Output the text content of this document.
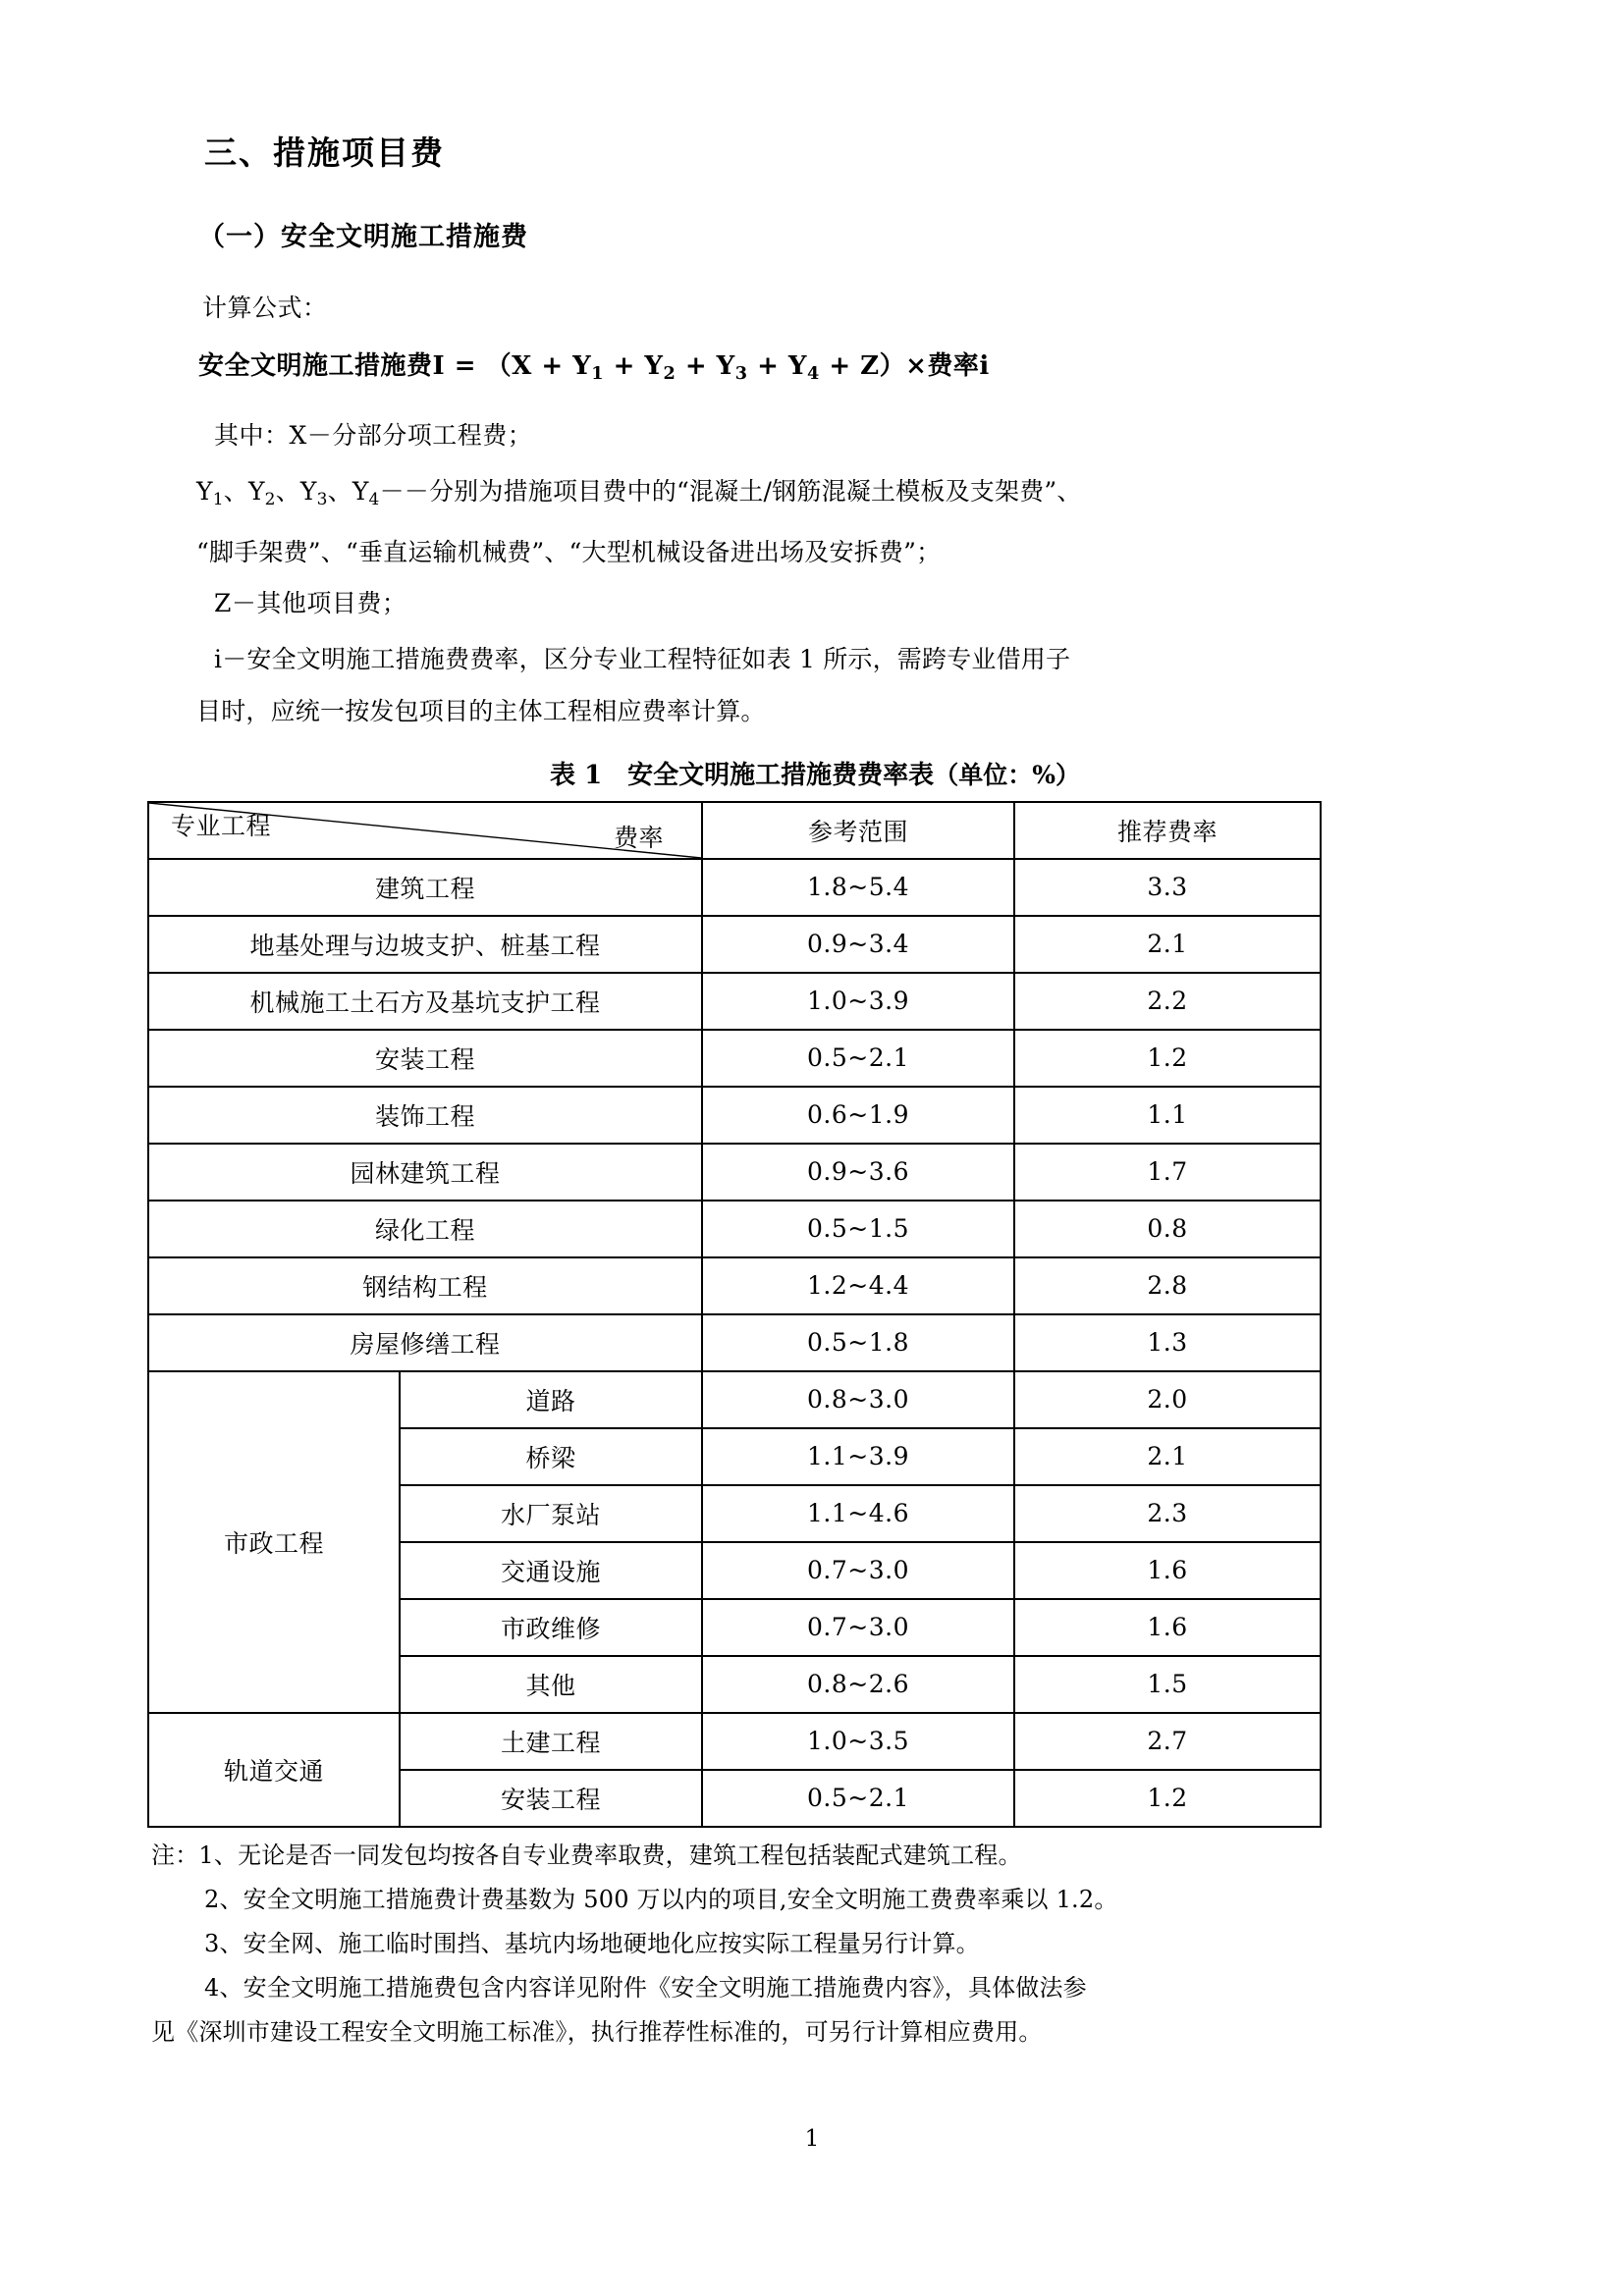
三、措施项目费
（一）安全文明施工措施费

计算公式：

安全文明施工措施费$I = (X + Y_1 + Y_2 + Y_3 + Y_4 + Z)\times$费率i

其中：X－分部分项工程费；

$Y_1$、$Y_2$、$Y_3$、$Y_4--$分别为措施项目费中的“混凝土/钢筋混凝土模板及支架费”、

“脚手架费”、“垂直运输机械费”、“大型机械设备进出场及安拆费”；

Z－其他项目费；

i－安全文明施工措施费费率，区分专业工程特征如表 1 所示，需跨专业借用子

目时，应统一按发包项目的主体工程相应费率计算。

表 1　安全文明施工措施费费率表（单位：%）
专业工程 费率		参考范围	推荐费率
建筑工程		1.8~5.4	3.3
地基处理与边坡支护、桩基工程		0.9~3.4	2.1
机械施工土石方及基坑支护工程		1.0~3.9	2.2
安装工程		0.5~2.1	1.2
装饰工程		0.6~1.9	1.1
园林建筑工程		0.9~3.6	1.7
绿化工程		0.5~1.5	0.8
钢结构工程		1.2~4.4	2.8
房屋修缮工程		0.5~1.8	1.3
市政工程	道路	0.8~3.0	2.0
	桥梁	1.1~3.9	2.1
	水厂泵站	1.1~4.6	2.3
	交通设施	0.7~3.0	1.6
	市政维修	0.7~3.0	1.6
	其他	0.8~2.6	1.5
轨道交通	土建工程	1.0~3.5	2.7
	安装工程	0.5~2.1	1.2

注：1、无论是否一同发包均按各自专业费率取费，建筑工程包括装配式建筑工程。

2、安全文明施工措施费计费基数为 500 万以内的项目,安全文明施工费费率乘以 1.2。

3、安全网、施工临时围挡、基坑内场地硬地化应按实际工程量另行计算。

4、安全文明施工措施费包含内容详见附件《安全文明施工措施费内容》，具体做法参

见《深圳市建设工程安全文明施工标准》，执行推荐性标准的，可另行计算相应费用。

1
